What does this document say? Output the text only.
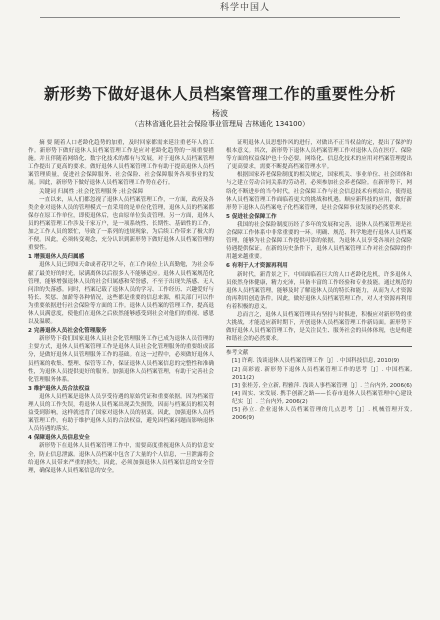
科学中国人
新形势下做好退休人员档案管理工作的重要性分析
杨波
（吉林省通化县社会保险事业管理局 吉林通化 134100）

摘 要 随着人口老龄化趋势的加重，及时回家都需来延注重老年人的工作。新形势下做好退休人员档案管理工作是应对老龄化趋势的一项重要措施。并且伴随着网络化、数字化技术的都有与发展，对于退休人员档案管理工作提出了更高的要求。做好退休人员档案管理工作有助于提高退休人员档案管理质量，促进社会保障服务、社会保险、社会保障服务各项事业的发展。因此，新形势下做好退休人员档案管理工作势在必行。

关键词 归属性 ;社会化管理服务 ;社会保障

一直以来，从人们都忽视了退休人员档案管理工作，一方面，政府及各类企业对退休人员的管理模式一直采用的是单位化管理，退休人员的档案都保存在原工作单位，即使退休后，也由原单位负责管理。另一方面，退休人员的档案管理工作涉及千家万户，是一项系统性、长期性、基础性的工作，加之工作人员的繁忙，导致了一系列的违规现象，为后续工作带来了极大的不便。因此，必须转变观念，充分认识到新形势下做好退休人员档案管理的重要性。

1 增强退休人员归属感

退休人员已到知天命或者花甲之年，在工作岗位上认真勤勉，为社会奉献了最美好的时光，尿满离休以后很多人不能够适应。退休人员档案规范化管理，能够增强退休人员的社会归属感和荣誉感，不至于出现失落感、无人问津的失落感。同时，档案记载了退休人员的学习、工作经历、兴趣爱好与特长、奖惩、加薪等各种情况，这些都是重要的信息来源，相关部门可以作为重要依据进行社会保险等方面的工作。退休人员档案的管理工作，提高退休人员满意度，使他们在退休之后依然能够感受到社会对他们的重视、感恩以及温暖。

2 完善退休人员社会化管理服务

新形势下我们国家退休人员社会化管理服务工作已成为退休人员管理的主要方式，退休人员档案管理工作是退休人员社会化管理服务的重要组成部分，是做好退休人员管理服务工作的基础。在这一过程中，必须做好退休人员档案的收集、整理、保管等工作，保证退休人员档案信息的完整性和准确性，为退休人员提供更好的服务。加强退休人员档案管理，有助于完善社会化管理服务体系。

3 维护退休人员合法权益

退休人员档案是退休人员享受待遇的原始凭证和重要依据。因为档案管理人员的工作失误，将退休人员档案出现丢失损毁，因而与档案员的相关利益受到影响，这样就违背了国家对退休人员的初衷。因此，加强退休人员档案管理工作，有助于维护退休人员的合法权益，避免因档案问题而影响退休人员待遇的落实。

4 保障退休人员信息安全

新形势下在退休人员档案管理工作中，需要高度重视退休人员的信息安全，防止信息泄露。退休人员档案中包含了大量的个人信息，一旦泄露将会给退休人员带来严重的损失。因此，必须加强退休人员档案信息的安全管理，确保退休人员档案信息的安全。

证明退休人员思想作风的进行，对做出不正当权益的定，提出了保护的根本意义。其次，新形势下退休人员档案管理工作对退休人员在医疗、保险等方面的权益保护也十分必要。网络化、信息化技术的应用对档案管理提出了更高要求，需要不断提高档案管理水平。

根据国家养老保险制度的相关规定，国家机关、事业单位、社会团体和与之建立劳动合同关系的劳动者，必须参加社会养老保险。在新形势下，网络化不断进步的当今时代，社会保障工作与社会信息技术有机结合，使得退休人员档案管理工作面临着更大的挑战和机遇。顺应新科技的应用，做好新形势下退休人员档案电子化档案管理，是社会保障事业发展的必然要求。

5 促进社会保障工作

我国的社会保险制度历经了多年的发展和完善，退休人员档案管理是社会保障工作体系中非常重要的一环。明确、规范、科学地进行退休人员档案管理，能够为社会保障工作提供可靠的依据，为退休人员享受各项社会保险待遇提供保证。在新的历史条件下，退休人员档案管理工作对社会保障的作用越来越重要。

6 有利于人才资源再利用

新时代，新背景之下，中国面临着巨大的人口老龄化危机，许多退休人员依然身体健康，精力充沛，具备丰富的工作经验和专业技能。通过规范的退休人员档案管理，能够及时了解退休人员的特长和能力，从而为人才资源的再利用创造条件。因此，做好退休人员档案管理工作，对人才资源再利用有着积极的意义。

总而言之，退休人员档案管理具有坚持与时俱进，积极应对新形势的重大挑战，才能适应新时期下，开创退休人员档案管理工作新局面。新形势下做好退休人员档案管理工作，是关注民生、服务社会的具体体现，也是构建和谐社会的必然要求。

参考文献

[1] 许莉. 浅谈退休人员档案管理工作［J］. 中国科技信息, 2010(9)

[2] 高彩霞. 新形势下退休人员档案管理工作的思考［J］. 中国档案, 2011(2)

[3] 张桂芳, 全立新, 程雅萍. 浅谈人事档案管理［J］. 兰台内外, 2006(6)

[4] 周实、宋发展. 携手创新之路——长春市退休人员档案管理中心建设纪实［J］. 兰台内外, 2006(2)

[5] 孙立. 企业退休人员档案管理的几点思考［J］. 机械管理开发, 2006(9)
